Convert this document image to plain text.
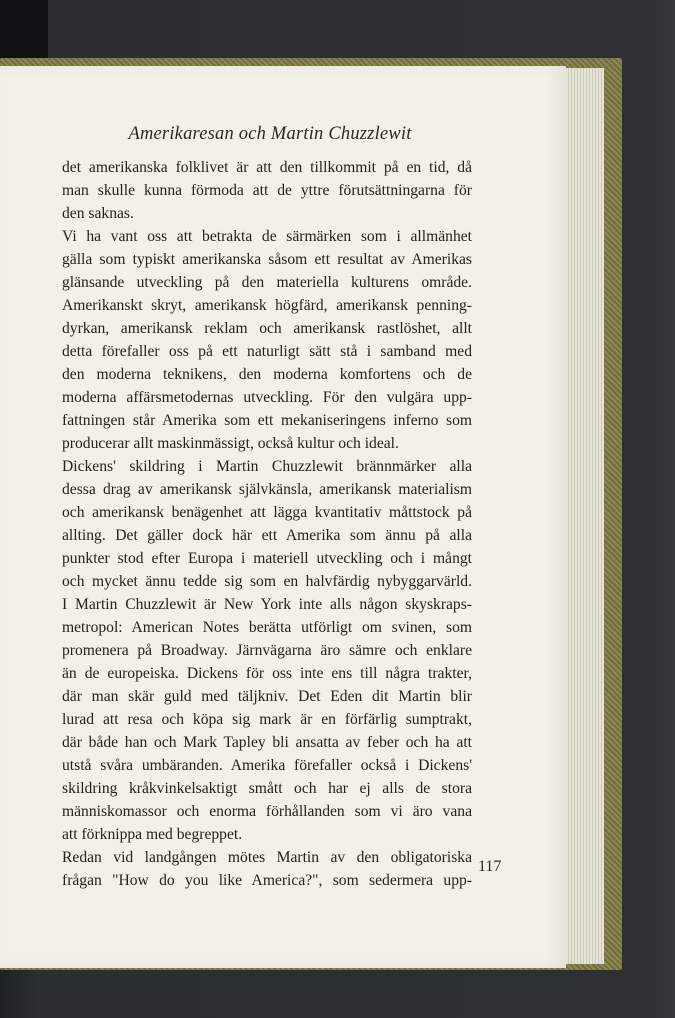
Amerikaresan och Martin Chuzzlewit
det amerikanska folklivet är att den tillkommit på en tid, då
man skulle kunna förmoda att de yttre förutsättningarna för
den saknas.
Vi ha vant oss att betrakta de särmärken som i allmänhet
gälla som typiskt amerikanska såsom ett resultat av Amerikas
glänsande utveckling på den materiella kulturens område.
Amerikanskt skryt, amerikansk högfärd, amerikansk penning-
dyrkan, amerikansk reklam och amerikansk rastlöshet, allt
detta förefaller oss på ett naturligt sätt stå i samband med
den moderna teknikens, den moderna komfortens och de
moderna affärsmetodernas utveckling. För den vulgära upp-
fattningen står Amerika som ett mekaniseringens inferno som
producerar allt maskinmässigt, också kultur och ideal.
Dickens' skildring i Martin Chuzzlewit brännmärker alla
dessa drag av amerikansk självkänsla, amerikansk materialism
och amerikansk benägenhet att lägga kvantitativ måttstock på
allting. Det gäller dock här ett Amerika som ännu på alla
punkter stod efter Europa i materiell utveckling och i mångt
och mycket ännu tedde sig som en halvfärdig nybyggarvärld.
I Martin Chuzzlewit är New York inte alls någon skyskraps-
metropol: American Notes berätta utförligt om svinen, som
promenera på Broadway. Järnvägarna äro sämre och enklare
än de europeiska. Dickens för oss inte ens till några trakter,
där man skär guld med täljkniv. Det Eden dit Martin blir
lurad att resa och köpa sig mark är en förfärlig sumptrakt,
där både han och Mark Tapley bli ansatta av feber och ha att
utstå svåra umbäranden. Amerika förefaller också i Dickens'
skildring kråkvinkelsaktigt smått och har ej alls de stora
människomassor och enorma förhållanden som vi äro vana
att förknippa med begreppet.
Redan vid landgången mötes Martin av den obligatoriska
frågan "How do you like America?", som sedermera upp-
117
